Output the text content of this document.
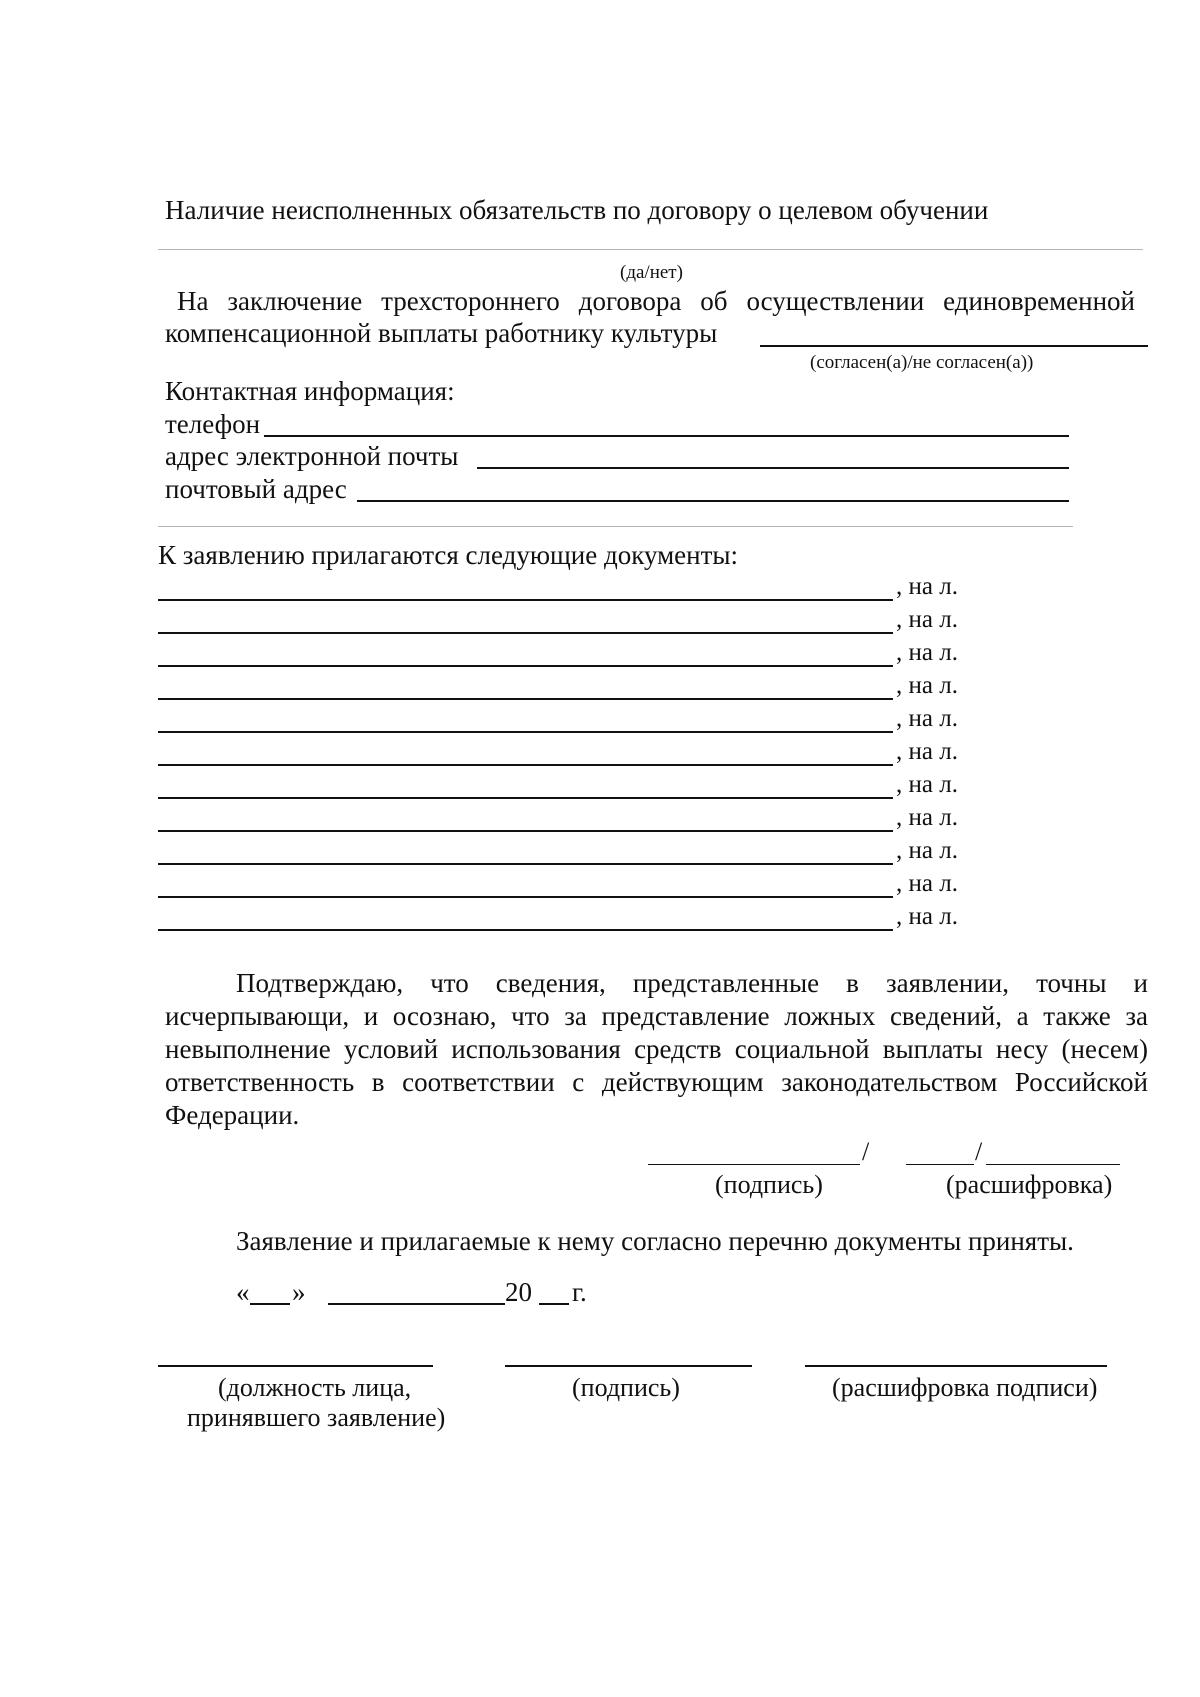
Наличие неисполненных обязательств по договору о целевом обучении
(да/нет)
На заключение трехстороннего договора об осуществлении единовременной
компенсационной выплаты работнику культуры
(согласен(а)/не согласен(а))
Контактная информация:
телефон
адрес электронной почты
почтовый адрес
К заявлению прилагаются следующие документы:
, на л.
, на л.
, на л.
, на л.
, на л.
, на л.
, на л.
, на л.
, на л.
, на л.
, на л.
Подтверждаю, что сведения, представленные в заявлении, точны и
исчерпывающи, и осознаю, что за представление ложных сведений, а также за
невыполнение условий использования средств социальной выплаты несу (несем)
ответственность в соответствии с действующим законодательством Российской
Федерации.
/	/
(подпись)	(расшифровка)
Заявление и прилагаемые к нему согласно перечню документы приняты.
« »	20 г.
(должность лица,
принявшего заявление)
(подпись)	(расшифровка подписи)
